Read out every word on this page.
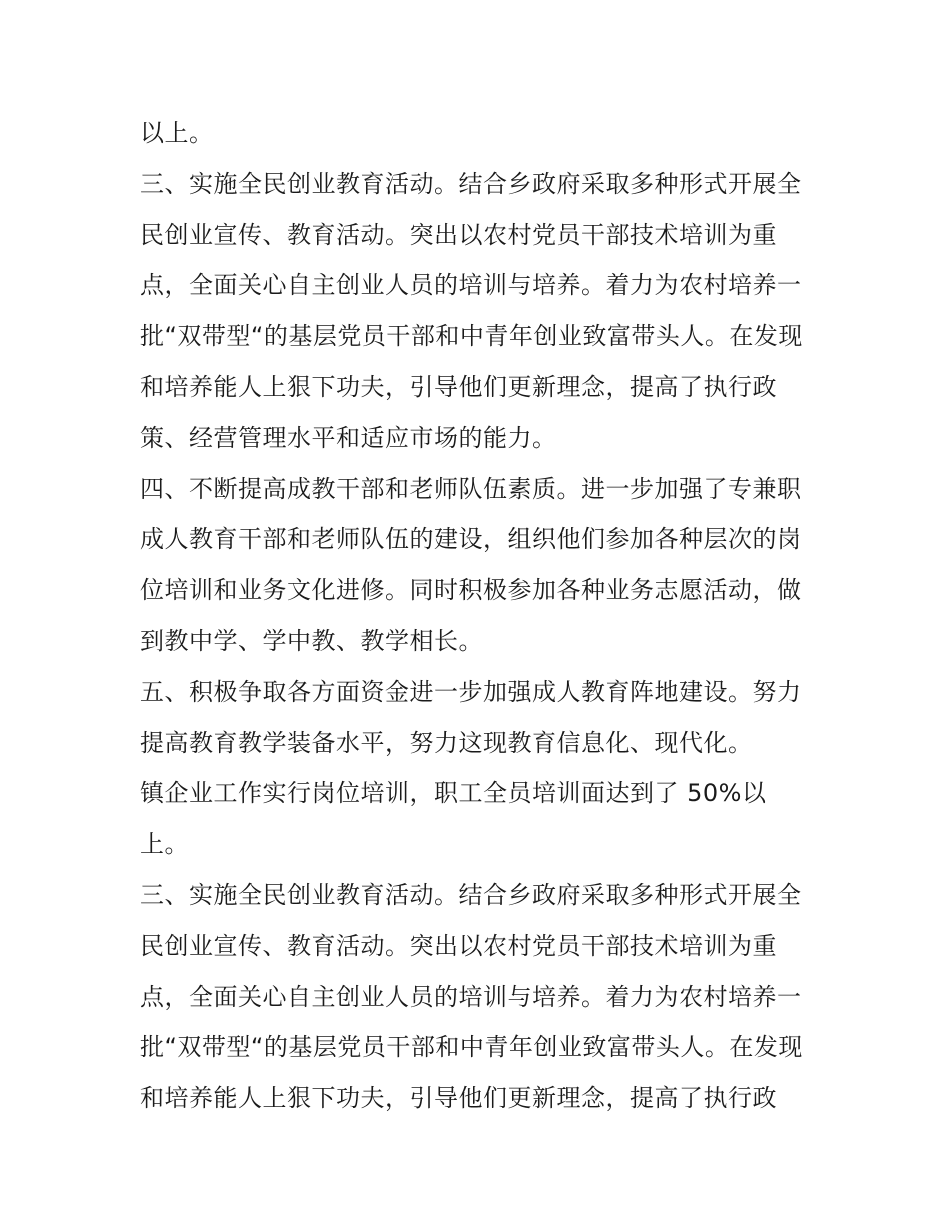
以上。
三、实施全民创业教育活动。结合乡政府采取多种形式开展全
民创业宣传、教育活动。突出以农村党员干部技术培训为重
点，全面关心自主创业人员的培训与培养。着力为农村培养一
批“双带型“的基层党员干部和中青年创业致富带头人。在发现
和培养能人上狠下功夫，引导他们更新理念，提高了执行政
策、经营管理水平和适应市场的能力。
四、不断提高成教干部和老师队伍素质。进一步加强了专兼职
成人教育干部和老师队伍的建设，组织他们参加各种层次的岗
位培训和业务文化进修。同时积极参加各种业务志愿活动，做
到教中学、学中教、教学相长。
五、积极争取各方面资金进一步加强成人教育阵地建设。努力
提高教育教学装备水平，努力这现教育信息化、现代化。
镇企业工作实行岗位培训，职工全员培训面达到了 50%以
上。
三、实施全民创业教育活动。结合乡政府采取多种形式开展全
民创业宣传、教育活动。突出以农村党员干部技术培训为重
点，全面关心自主创业人员的培训与培养。着力为农村培养一
批“双带型“的基层党员干部和中青年创业致富带头人。在发现
和培养能人上狠下功夫，引导他们更新理念，提高了执行政
